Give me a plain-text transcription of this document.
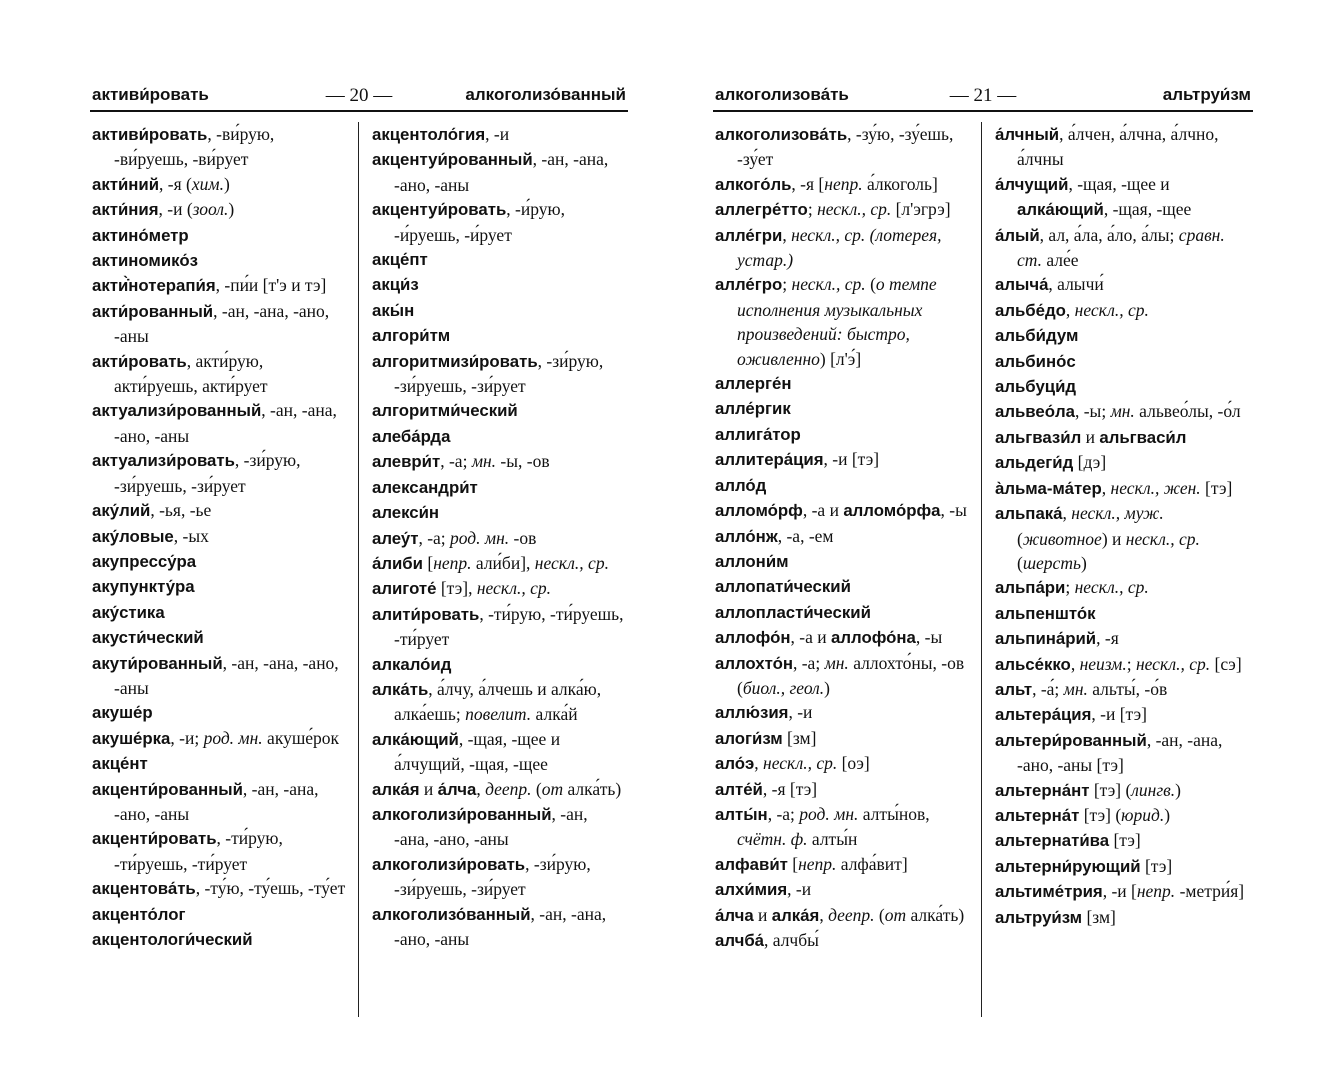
активи́ровать	— 20 —	алкоголизо́ванный
активи́ровать, -ви́рую, -ви́руешь, -ви́рует
акти́ний, -я (хим.)
акти́ния, -и (зоол.)
актино́метр
актиномико́з
акти̇̀нотерапи́я, -пи́и [т'э и тэ]
акти́рованный, -ан, -ана, -ано, -аны
акти́ровать, акти́рую, акти́руешь, акти́рует
актуализи́рованный, -ан, -ана, -ано, -аны
актуализи́ровать, -зи́рую, -зи́руешь, -зи́рует
аку́лий, -ья, -ье
аку́ловые, -ых
акупрессу́ра
акупункту́ра
аку́стика
акусти́ческий
акути́рованный, -ан, -ана, -ано, -аны
акуше́р
акуше́рка, -и; род. мн. акуше́рок
акце́нт
акценти́рованный, -ан, -ана, -ано, -аны
акценти́ровать, -ти́рую, -ти́руешь, -ти́рует
акцентова́ть, -ту́ю, -ту́ешь, -ту́ет
акценто́лог
акцентологи́ческий
акцентоло́гия, -и
акцентуи́рованный, -ан, -ана, -ано, -аны
акцентуи́ровать, -и́рую, -и́руешь, -и́рует
акце́пт
акци́з
акы́н
алгори́тм
алгоритмизи́ровать, -зи́рую, -зи́руешь, -зи́рует
алгоритми́ческий
алеба́рда
алеври́т, -а; мн. -ы, -ов
александри́т
алекси́н
алеу́т, -а; род. мн. -ов
а́либи [непр. али́би], нескл., ср.
алиготе́ [тэ], нескл., ср.
алити́ровать, -ти́рую, -ти́руешь, -ти́рует
алкало́ид
алка́ть, а́лчу, а́лчешь и алка́ю, алка́ешь; повелит. алка́й
алка́ющий, -щая, -щее и а́лчущий, -щая, -щее
алка́я и а́лча, деепр. (от алка́ть)
алкоголизи́рованный, -ан, -ана, -ано, -аны
алкоголизи́ровать, -зи́рую, -зи́руешь, -зи́рует
алкоголизо́ванный, -ан, -ана, -ано, -аны
алкоголизова́ть	— 21 —	альтруи́зм
алкоголизова́ть, -зу́ю, -зу́ешь, -зу́ет
алкого́ль, -я [непр. а́лкоголь]
аллегре́тто; нескл., ср. [л'эгрэ]
алле́гри, нескл., ср. (лотерея, устар.)
алле́гро; нескл., ср. (о темпе исполнения музыкальных произведений: быстро, оживленно) [л'э́]
аллерге́н
алле́ргик
аллига́тор
аллитера́ция, -и [тэ]
алло́д
алломо́рф, -а и алломо́рфа, -ы
алло́нж, -а, -ем
аллони́м
аллопати́ческий
аллопласти́ческий
аллофо́н, -а и аллофо́на, -ы
аллохто́н, -а; мн. аллохто́ны, -ов (биол., геол.)
аллю́зия, -и
алоги́зм [зм]
ало́э, нескл., ср. [оэ]
алте́й, -я [тэ]
алты́н, -а; род. мн. алты́нов, счётн. ф. алты́н
алфави́т [непр. алфа́вит]
алхи́мия, -и
а́лча и алка́я, деепр. (от алка́ть)
алчба́, алчбы́
а́лчный, а́лчен, а́лчна, а́лчно, а́лчны
а́лчущий, -щая, -щее и алка́ющий, -щая, -щее
а́лый, ал, а́ла, а́ло, а́лы; сравн. ст. але́е
алыча́, алычи́
альбе́до, нескл., ср.
альби́дум
альбино́с
альбуци́д
альвео́ла, -ы; мн. альвео́лы, -о́л
альгвази́л и альгваси́л
альдеги́д [дэ]
а̀льма-ма́тер, нескл., жен. [тэ]
альпака́, нескл., муж. (животное) и нескл., ср. (шерсть)
альпа́ри; нескл., ср.
альпеншто́к
альпина́рий, -я
альсе́кко, неизм.; нескл., ср. [сэ]
альт, -а́; мн. альты́, -о́в
альтера́ция, -и [тэ]
альтери́рованный, -ан, -ана, -ано, -аны [тэ]
альтерна́нт [тэ] (лингв.)
альтерна́т [тэ] (юрид.)
альтернати́ва [тэ]
альтерни́рующий [тэ]
альтиме́трия, -и [непр. -метри́я]
альтруи́зм [зм]
